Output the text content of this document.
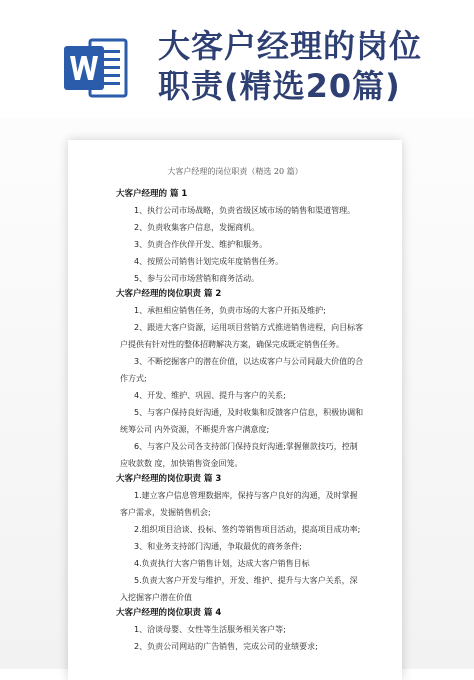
大客户经理的岗位
职责(精选20篇)
大客户经理的岗位职责（精选 20 篇）
大客户经理的 篇 1
1、执行公司市场战略，负责省级区域市场的销售和渠道管理。
2、负责收集客户信息，发掘商机。
3、负责合作伙伴开发、维护和服务。
4、按照公司销售计划完成年度销售任务。
5、参与公司市场营销和商务活动。
大客户经理的岗位职责 篇 2
1、承担相应销售任务，负责市场的大客户开拓及维护;
2、跟进大客户资源，运用项目营销方式推进销售进程，向目标客
户提供有针对性的整体招聘解决方案，确保完成既定销售任务。
3、不断挖掘客户的潜在价值，以达成客户与公司间最大价值的合
作方式;
4、开发、维护、巩固、提升与客户的关系;
5、与客户保持良好沟通，及时收集和反馈客户信息，积极协调和
统筹公司 内外资源，不断提升客户满意度;
6、与客户及公司各支持部门保持良好沟通;掌握催款技巧，控制
应收款数 度，加快销售资金回笼。
大客户经理的岗位职责 篇 3
1.建立客户信息管理数据库，保持与客户良好的沟通，及时掌握
客户需求，发掘销售机会;
2.组织项目洽谈、投标、签约等销售项目活动，提高项目成功率;
3、和业务支持部门沟通，争取最优的商务条件;
4.负责执行大客户销售计划，达成大客户销售目标
5.负责大客户开发与维护，开发、维护、提升与大客户关系，深
入挖掘客户潜在价值
大客户经理的岗位职责 篇 4
1、洽谈母婴、女性等生活服务相关客户等;
2、负责公司网站的广告销售，完成公司的业绩要求;
